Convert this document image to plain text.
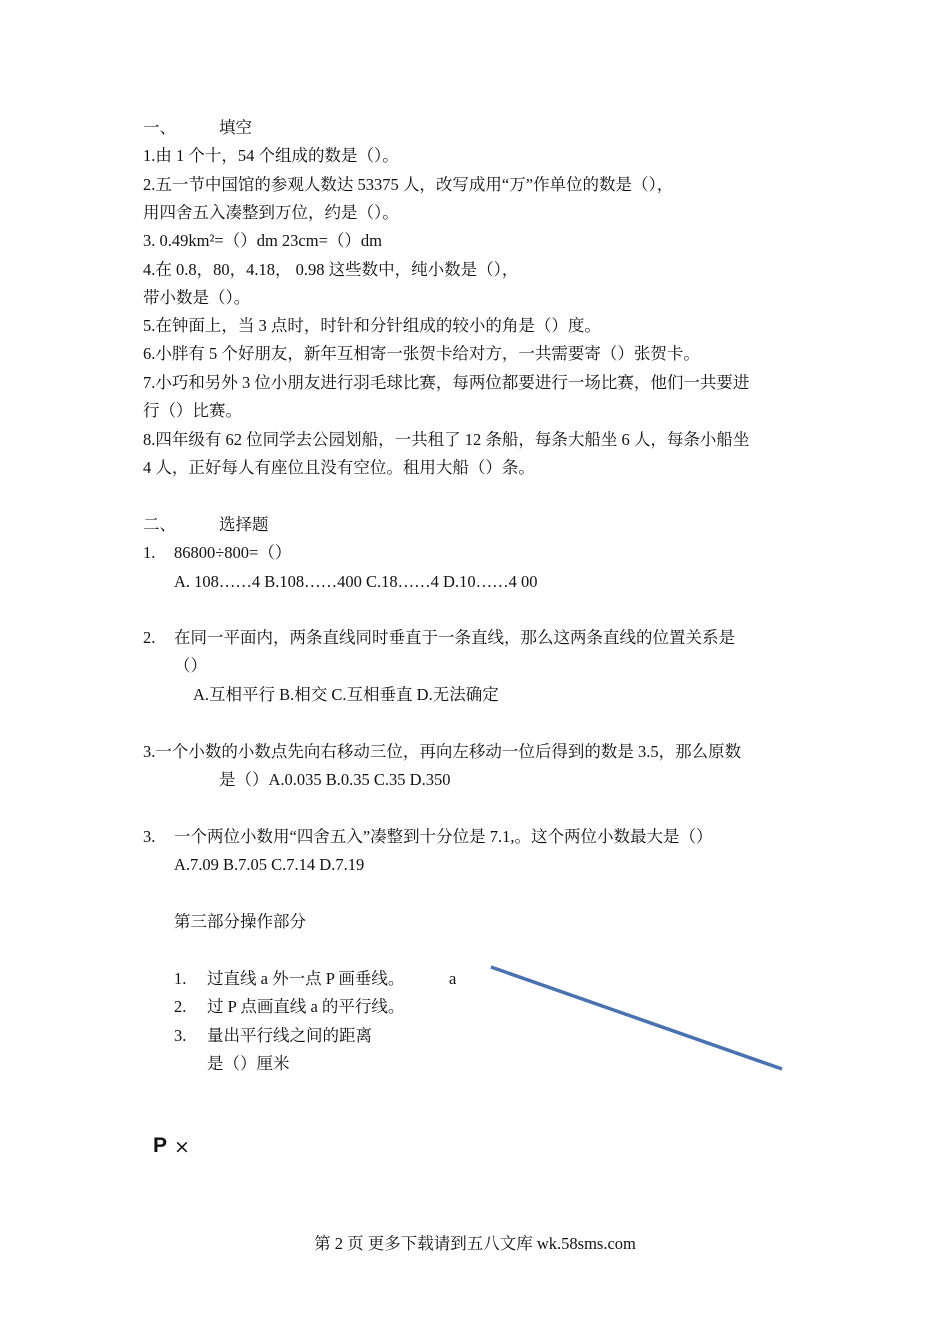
一、	填空
1.由 1 个十，54 个组成的数是（）。
2.五一节中国馆的参观人数达 53375 人，改写成用“万”作单位的数是（），
用四舍五入凑整到万位，约是（）。
3. 0.49km²=（）dm 23cm=（）dm
4.在 0.8，80，4.18， 0.98 这些数中，纯小数是（），
带小数是（）。
5.在钟面上，当 3 点时，时针和分针组成的较小的角是（）度。
6.小胖有 5 个好朋友，新年互相寄一张贺卡给对方，一共需要寄（）张贺卡。
7.小巧和另外 3 位小朋友进行羽毛球比赛，每两位都要进行一场比赛，他们一共要进
行（）比赛。
8.四年级有 62 位同学去公园划船，一共租了 12 条船，每条大船坐 6 人，每条小船坐
4 人，正好每人有座位且没有空位。租用大船（）条。
二、	选择题
1. 86800÷800=（）
A. 108……4 B.108……400 C.18……4 D.10……4 00
2. 在同一平面内，两条直线同时垂直于一条直线，那么这两条直线的位置关系是
（）
A.互相平行 B.相交 C.互相垂直 D.无法确定
3.一个小数的小数点先向右移动三位，再向左移动一位后得到的数是 3.5，那么原数
是（）A.0.035 B.0.35 C.35 D.350
3. 一个两位小数用“四舍五入”凑整到十分位是 7.1,。这个两位小数最大是（）
A.7.09 B.7.05 C.7.14 D.7.19
第三部分操作部分
1. 过直线 a 外一点 P 画垂线。	a
2. 过 P 点画直线 a 的平行线。
3. 量出平行线之间的距离
是（）厘米
P ×
第 2 页 更多下载请到五八文库 wk.58sms.com
